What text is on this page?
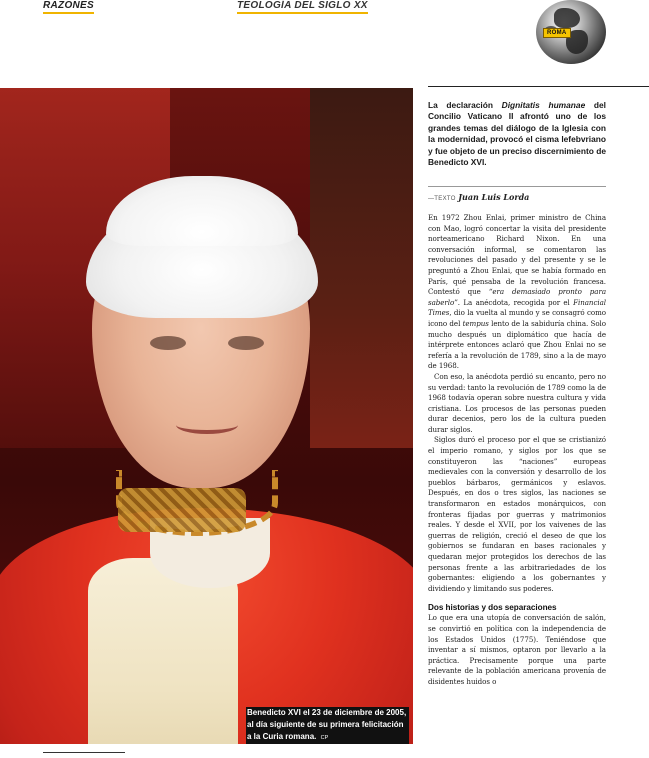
RAZONES	TEOLOGÍA DEL SIGLO XX
ROMA
Benedicto XVI el 23 de diciembre de 2005, al día siguiente de su primera felicitación a la Curia romana. CP
La declaración Dignitatis humanae del Concilio Vaticano II afrontó uno de los grandes temas del diálogo de la Iglesia con la modernidad, provocó el cisma lefebvriano y fue objeto de un preciso discernimiento de Benedicto XVI.
—TEXTO Juan Luis Lorda

En 1972 Zhou Enlai, primer ministro de China con Mao, logró concertar la visita del presidente norteamericano Richard Nixon. En una conversación informal, se comentaron las revoluciones del pasado y del presente y se le preguntó a Zhou Enlai, que se había formado en París, qué pensaba de la revolución francesa. Contestó que “era demasiado pronto para saberlo”. La anécdota, recogida por el Financial Times, dio la vuelta al mundo y se consagró como icono del tempus lento de la sabiduría china. Solo mucho después un diplomático que hacía de intérprete entonces aclaró que Zhou Enlai no se refería a la revolución de 1789, sino a la de mayo de 1968.

Con eso, la anécdota perdió su encanto, pero no su verdad: tanto la revolución de 1789 como la de 1968 todavía operan sobre nuestra cultura y vida cristiana. Los procesos de las personas pueden durar decenios, pero los de la cultura pueden durar siglos.

Siglos duró el proceso por el que se cristianizó el imperio romano, y siglos por los que se constituyeron las “naciones” europeas medievales con la conversión y desarrollo de los pueblos bárbaros, germánicos y eslavos. Después, en dos o tres siglos, las naciones se transformaron en estados monárquicos, con fronteras fijadas por guerras y matrimonios reales. Y desde el XVII, por los vaivenes de las guerras de religión, creció el deseo de que los gobiernos se fundaran en bases racionales y quedaran mejor protegidos los derechos de las personas frente a las arbitrariedades de los gobernantes: eligiendo a los gobernantes y dividiendo y limitando sus poderes.

Dos historias y dos separaciones

Lo que era una utopía de conversación de salón, se convirtió en política con la independencia de los Estados Unidos (1775). Teniéndose que inventar a sí mismos, optaron por llevarlo a la práctica. Precisamente porque una parte relevante de la población americana provenía de disidentes huidos o
